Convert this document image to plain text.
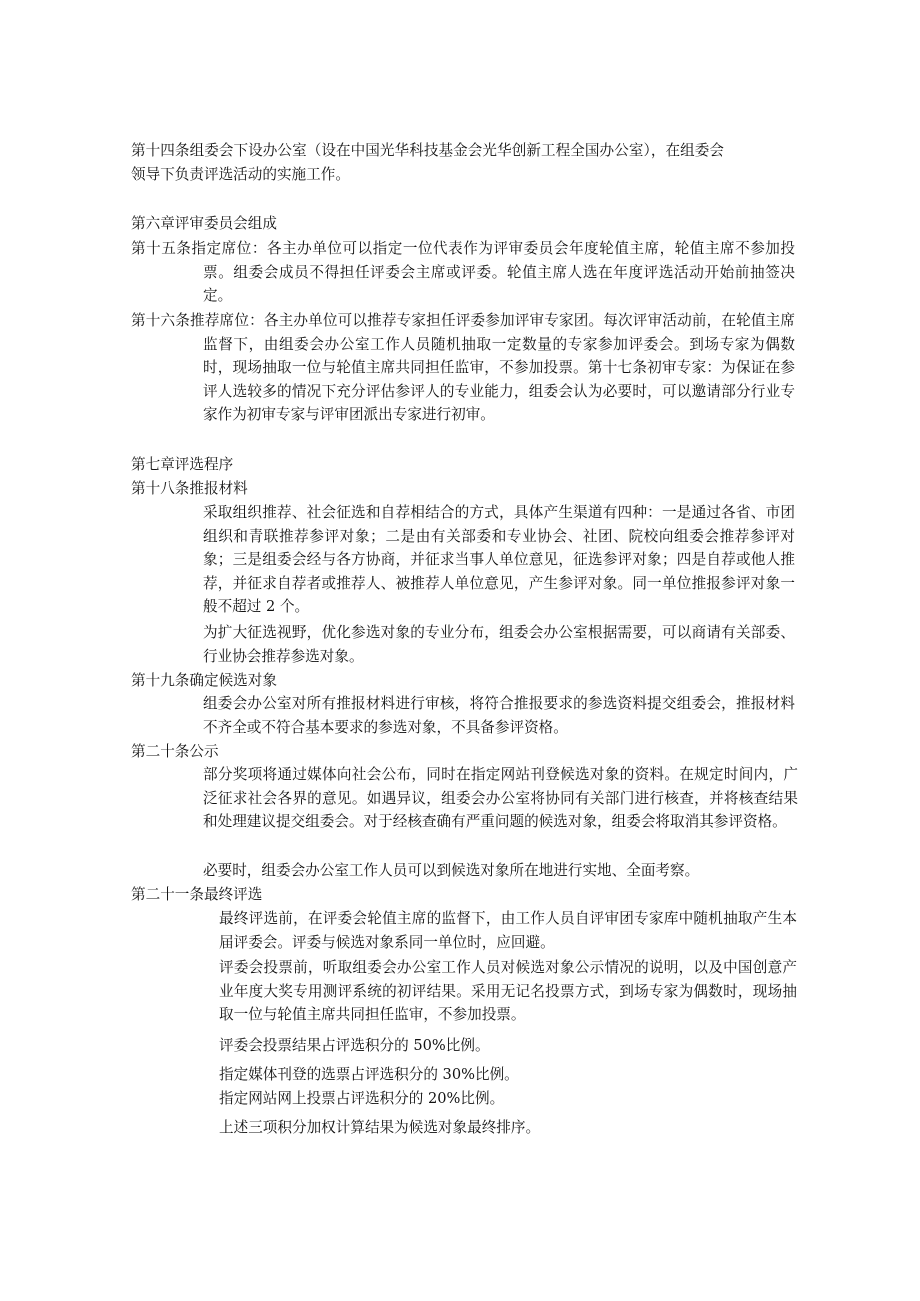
第十四条组委会下设办公室（设在中国光华科技基金会光华创新工程全国办公室），在组委会领导下负责评选活动的实施工作。

第六章评审委员会组成

第十五条指定席位：各主办单位可以指定一位代表作为评审委员会年度轮值主席，轮值主席不参加投票。组委会成员不得担任评委会主席或评委。轮值主席人选在年度评选活动开始前抽签决定。

第十六条推荐席位：各主办单位可以推荐专家担任评委参加评审专家团。每次评审活动前，在轮值主席监督下，由组委会办公室工作人员随机抽取一定数量的专家参加评委会。到场专家为偶数时，现场抽取一位与轮值主席共同担任监审，不参加投票。第十七条初审专家：为保证在参评人选较多的情况下充分评估参评人的专业能力，组委会认为必要时，可以邀请部分行业专家作为初审专家与评审团派出专家进行初审。

第七章评选程序

第十八条推报材料

采取组织推荐、社会征选和自荐相结合的方式，具体产生渠道有四种：一是通过各省、市团组织和青联推荐参评对象；二是由有关部委和专业协会、社团、院校向组委会推荐参评对象；三是组委会经与各方协商，并征求当事人单位意见，征选参评对象；四是自荐或他人推荐，并征求自荐者或推荐人、被推荐人单位意见，产生参评对象。同一单位推报参评对象一般不超过 2 个。

为扩大征选视野，优化参选对象的专业分布，组委会办公室根据需要，可以商请有关部委、行业协会推荐参选对象。

第十九条确定候选对象

组委会办公室对所有推报材料进行审核，将符合推报要求的参选资料提交组委会，推报材料不齐全或不符合基本要求的参选对象，不具备参评资格。

第二十条公示

部分奖项将通过媒体向社会公布，同时在指定网站刊登候选对象的资料。在规定时间内，广泛征求社会各界的意见。如遇异议，组委会办公室将协同有关部门进行核查，并将核查结果和处理建议提交组委会。对于经核查确有严重问题的候选对象，组委会将取消其参评资格。

必要时，组委会办公室工作人员可以到候选对象所在地进行实地、全面考察。

第二十一条最终评选

最终评选前，在评委会轮值主席的监督下，由工作人员自评审团专家库中随机抽取产生本届评委会。评委与候选对象系同一单位时，应回避。

评委会投票前，听取组委会办公室工作人员对候选对象公示情况的说明，以及中国创意产业年度大奖专用测评系统的初评结果。采用无记名投票方式，到场专家为偶数时，现场抽取一位与轮值主席共同担任监审，不参加投票。

评委会投票结果占评选积分的 50%比例。

指定媒体刊登的选票占评选积分的 30%比例。

指定网站网上投票占评选积分的 20%比例。

上述三项积分加权计算结果为候选对象最终排序。
